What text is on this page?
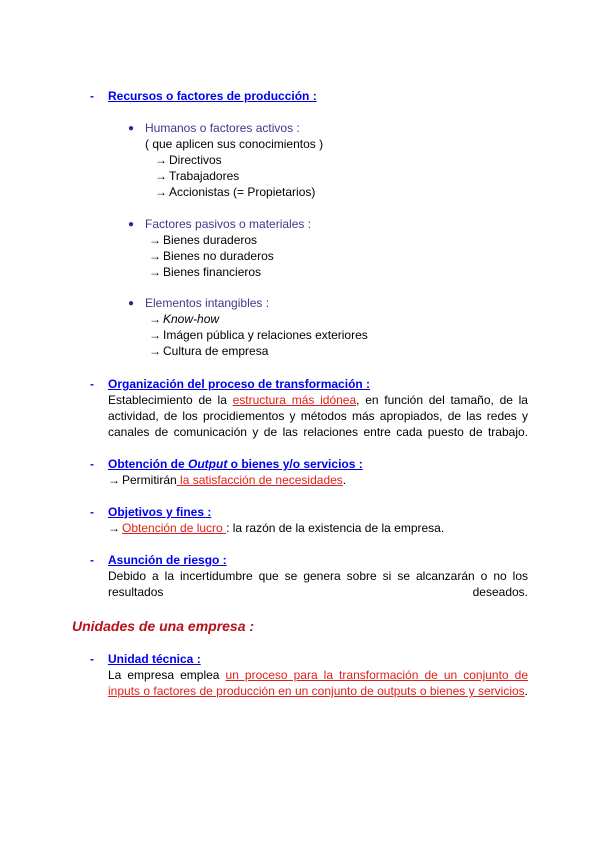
- Recursos o factores de producción :
● Humanos o factores activos :
( que aplicen sus conocimientos )
→ Directivos
→ Trabajadores
→ Accionistas (= Propietarios)
● Factores pasivos o materiales :
→ Bienes duraderos
→ Bienes no duraderos
→ Bienes financieros
● Elementos intangibles :
→ Know-how
→ Imágen pública y relaciones exteriores
→ Cultura de empresa
- Organización del proceso de transformación :
Establecimiento de la estructura más idónea, en función del tamaño, de la actividad, de los procidiementos y métodos más apropiados, de las redes y canales de comunicación y de las relaciones entre cada puesto de trabajo.
- Obtención de Output o bienes y/o servicios :
→ Permitirán la satisfacción de necesidades.
- Objetivos y fines :
→ Obtención de lucro : la razón de la existencia de la empresa.
- Asunción de riesgo :
Debido a la incertidumbre que se genera sobre si se alcanzarán o no los resultados deseados.
Unidades de una empresa :
- Unidad técnica :
La empresa emplea un proceso para la transformación de un conjunto de inputs o factores de producción en un conjunto de outputs o bienes y servicios.
